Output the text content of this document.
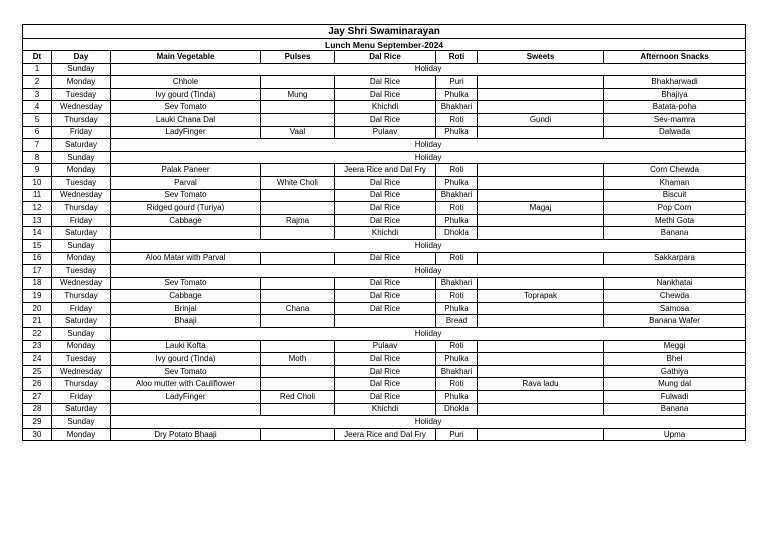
Jay Shri Swaminarayan							
Lunch Menu September-2024							
Dt	Day	Main Vegetable	Pulses	Dal Rice	Roti	Sweets	Afternoon Snacks
1	Sunday	Holiday					
2	Monday	Chhole		Dal Rice	Puri		Bhakharwadi
3	Tuesday	Ivy gourd (Tinda)	Mung	Dal Rice	Phulka		Bhajiya
4	Wednesday	Sev Tomato		Khichdi	Bhakhari		Batata-poha
5	Thursday	Lauki Chana Dal		Dal Rice	Roti	Gundi	Sev-mamra
6	Friday	LadyFinger	Vaal	Pulaav	Phulka		Dalwada
7	Saturday	Holiday					
8	Sunday	Holiday					
9	Monday	Palak Paneer		Jeera Rice and Dal Fry	Roti		Corn Chewda
10	Tuesday	Parval	White Choli	Dal Rice	Phulka		Khaman
11	Wednesday	Sev Tomato		Dal Rice	Bhakhari		Biscuit
12	Thursday	Ridged gourd (Turiya)		Dal Rice	Roti	Magaj	Pop Corn
13	Friday	Cabbage	Rajma	Dal Rice	Phulka		Methi Gota
14	Saturday			Khichdi	Dhokla		Banana
15	Sunday	Holiday					
16	Monday	Aloo Matar with Parval		Dal Rice	Roti		Sakkarpara
17	Tuesday	Holiday					
18	Wednesday	Sev Tomato		Dal Rice	Bhakhari		Nankhatai
19	Thursday	Cabbage		Dal Rice	Roti	Toprapak	Chewda
20	Friday	Brinjal	Chana	Dal Rice	Phulka		Samosa
21	Saturday	Bhaaji			Bread		Banana Wafer
22	Sunday	Holiday					
23	Monday	Lauki Kofta		Pulaav	Roti		Meggi
24	Tuesday	Ivy gourd (Tinda)	Moth	Dal Rice	Phulka		Bhel
25	Wednesday	Sev Tomato		Dal Rice	Bhakhari		Gathiya
26	Thursday	Aloo mutter with Cauliflower		Dal Rice	Roti	Rava ladu	Mung dal
27	Friday	LadyFinger	Red Choli	Dal Rice	Phulka		Fulwadi
28	Saturday			Khichdi	Dhokla		Banana
29	Sunday	Holiday					
30	Monday	Dry Potato Bhaaji		Jeera Rice and Dal Fry	Puri		Upma
